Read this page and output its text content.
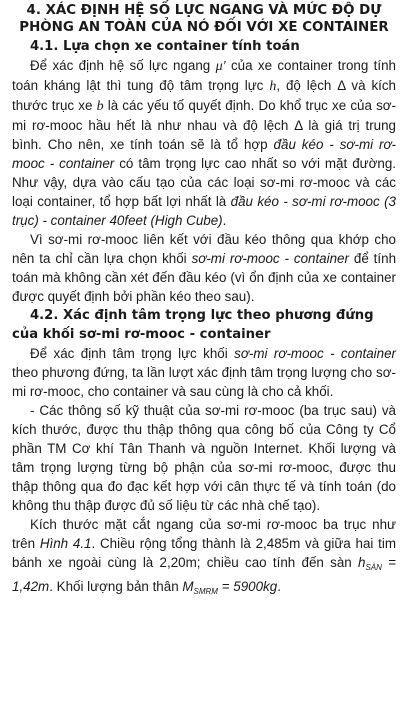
4. XÁC ĐỊNH HỆ SỐ LỰC NGANG VÀ MỨC ĐỘ DỰ PHÒNG AN TOÀN CỦA NÓ ĐỐI VỚI XE CONTAINER
4.1. Lựa chọn xe container tính toán

Để xác định hệ số lực ngang μ' của xe container trong tính toán kháng lật thì tung độ tâm trọng lực h, độ lệch Δ và kích thước trục xe b là các yếu tố quyết định. Do khổ trục xe của sơ-mi rơ-mooc hầu hết là như nhau và độ lệch Δ là giá trị trung bình. Cho nên, xe tính toán sẽ là tổ hợp đầu kéo - sơ-mi rơ-mooc - container có tâm trọng lực cao nhất so với mặt đường. Như vậy, dựa vào cấu tạo của các loại sơ-mi rơ-mooc và các loại container, tổ hợp bất lợi nhất là đầu kéo - sơ-mi rơ-mooc (3 trục) - container 40feet (High Cube).

Vì sơ-mi rơ-mooc liên kết với đầu kéo thông qua khớp cho nên ta chỉ cần lựa chọn khối sơ-mi rơ-mooc - container để tính toán mà không cần xét đến đầu kéo (vì ổn định của xe container được quyết định bởi phần kéo theo sau).

4.2. Xác định tâm trọng lực theo phương đứng của khối sơ-mi rơ-mooc - container

Để xác định tâm trọng lực khối sơ-mi rơ-mooc - container theo phương đứng, ta lần lượt xác định tâm trọng lượng cho sơ-mi rơ-mooc, cho container và sau cùng là cho cả khối.

- Các thông số kỹ thuật của sơ-mi rơ-mooc (ba trục sau) và kích thước, được thu thập thông qua công bố của Công ty Cổ phần TM Cơ khí Tân Thanh và nguồn Internet. Khối lượng và tâm trọng lượng từng bộ phận của sơ-mi rơ-mooc, được thu thập thông qua đo đạc kết hợp với cân thực tế và tính toán (do không thu thập được đủ số liệu từ các nhà chế tạo).

Kích thước mặt cắt ngang của sơ-mi rơ-mooc ba trục như trên Hình 4.1. Chiều rộng tổng thành là 2,485m và giữa hai tim bánh xe ngoài cùng là 2,20m; chiều cao tính đến sàn $h_{SÀN} = 1,42m$. Khối lượng bản thân $M_{SMRM} = 5900kg$.
